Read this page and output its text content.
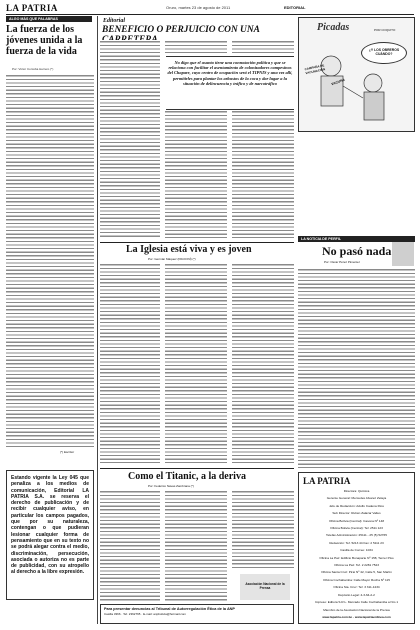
LA PATRIA	Oruro, martes 23 de agosto de 2011	EDITORIAL
ALGO MÁS QUE PALABRAS
La fuerza de los jóvenes unida a la fuerza de la vida
Por: Víctor Corcoba Herrero (*)
(*) Escritor
Estando vigente la Ley 045 que penaliza a los medios de comunicación, Editorial LA PATRIA S.A. se reserva el derecho de publicación y de recibir cualquier aviso, en particular los campos pagados, que por su naturaleza, contengan o que pudieran lesionar cualquier forma de pensamiento que en su texto no se podrá alegar contra el medio, discriminación, persecución, asociada o autoriza no es parte de publicidad, con su atropello al derecho a la libre expresión.
Editorial
BENEFICIO O PERJUICIO CON UNA
No digo que el asunto tiene una connotación política y que se relaciona con facilitar el asentamiento de colonizadores campesinos del Chapare, cuyo centro de ocupación será el TIPNIS y una vez allí, permitirles para plantar los arbustos de la coca y dar lugar a la situación de delincuencia y tráfico y de narcotráfico
Picadas	POR COQUITO
¿Y LOS OBREROS CUÁNDO?
CAMPAÑA DE VACUNACIÓN
VACUNA
LA NOTICIA DE PERFIL
No pasó nada
Por: Oscar Pérez Pimentel
La Iglesia está viva y es joven
Por: Germán Máquez (PACIONÍ) (*)
Como el Titanic, a la deriva
Por: Federico Navas Zambrana (*)
Asociación Nacional de la Prensa
LA PATRIA
Directora: Quimica
Gerente General: Mercedes Alvarez Zelaya
Jefe de Redacción: Adolfo Cadena Ríos
Sub Director: Rubén Zalazar Valles
Oficina Bolivia (Central): Casona Nº 148
Oficina Bolivia (Central): Tef. 2511 123
Telefax Administración: 25111 - 25 (5) 52765
Redacción: Tef. 5213 44 Fax: 2 5111 23
Casilla de Correo: 1034
Oficina La Paz: Edificio Bonaparte Nº 158, Tercer Piso
Oficina La Paz: Tef. 2 2281 7523
Oficina Santa Cruz: Piraí Nº 42, Calle 5, San Martín
Oficina Cochabamba: Calle Mayor Rocha Nº 115
Oficina Sta. Cruz: Tef. 3 311-1234
Depósito Legal: 4-3-64-2-2
Impreso: Editora S.R.L. Mercado Calle Cochabamba a Nro 1
Miembro de la Asociación Nacional de la Prensa
www.lapatria.com.bo · www.lapatriaenlinea.com
Para presentar denuncias al Tribunal de Autorregulación Ética de la ANP
Casilla 3366 · Tef. 2362765 · E-mail: anpbolivia@hotmail.com
